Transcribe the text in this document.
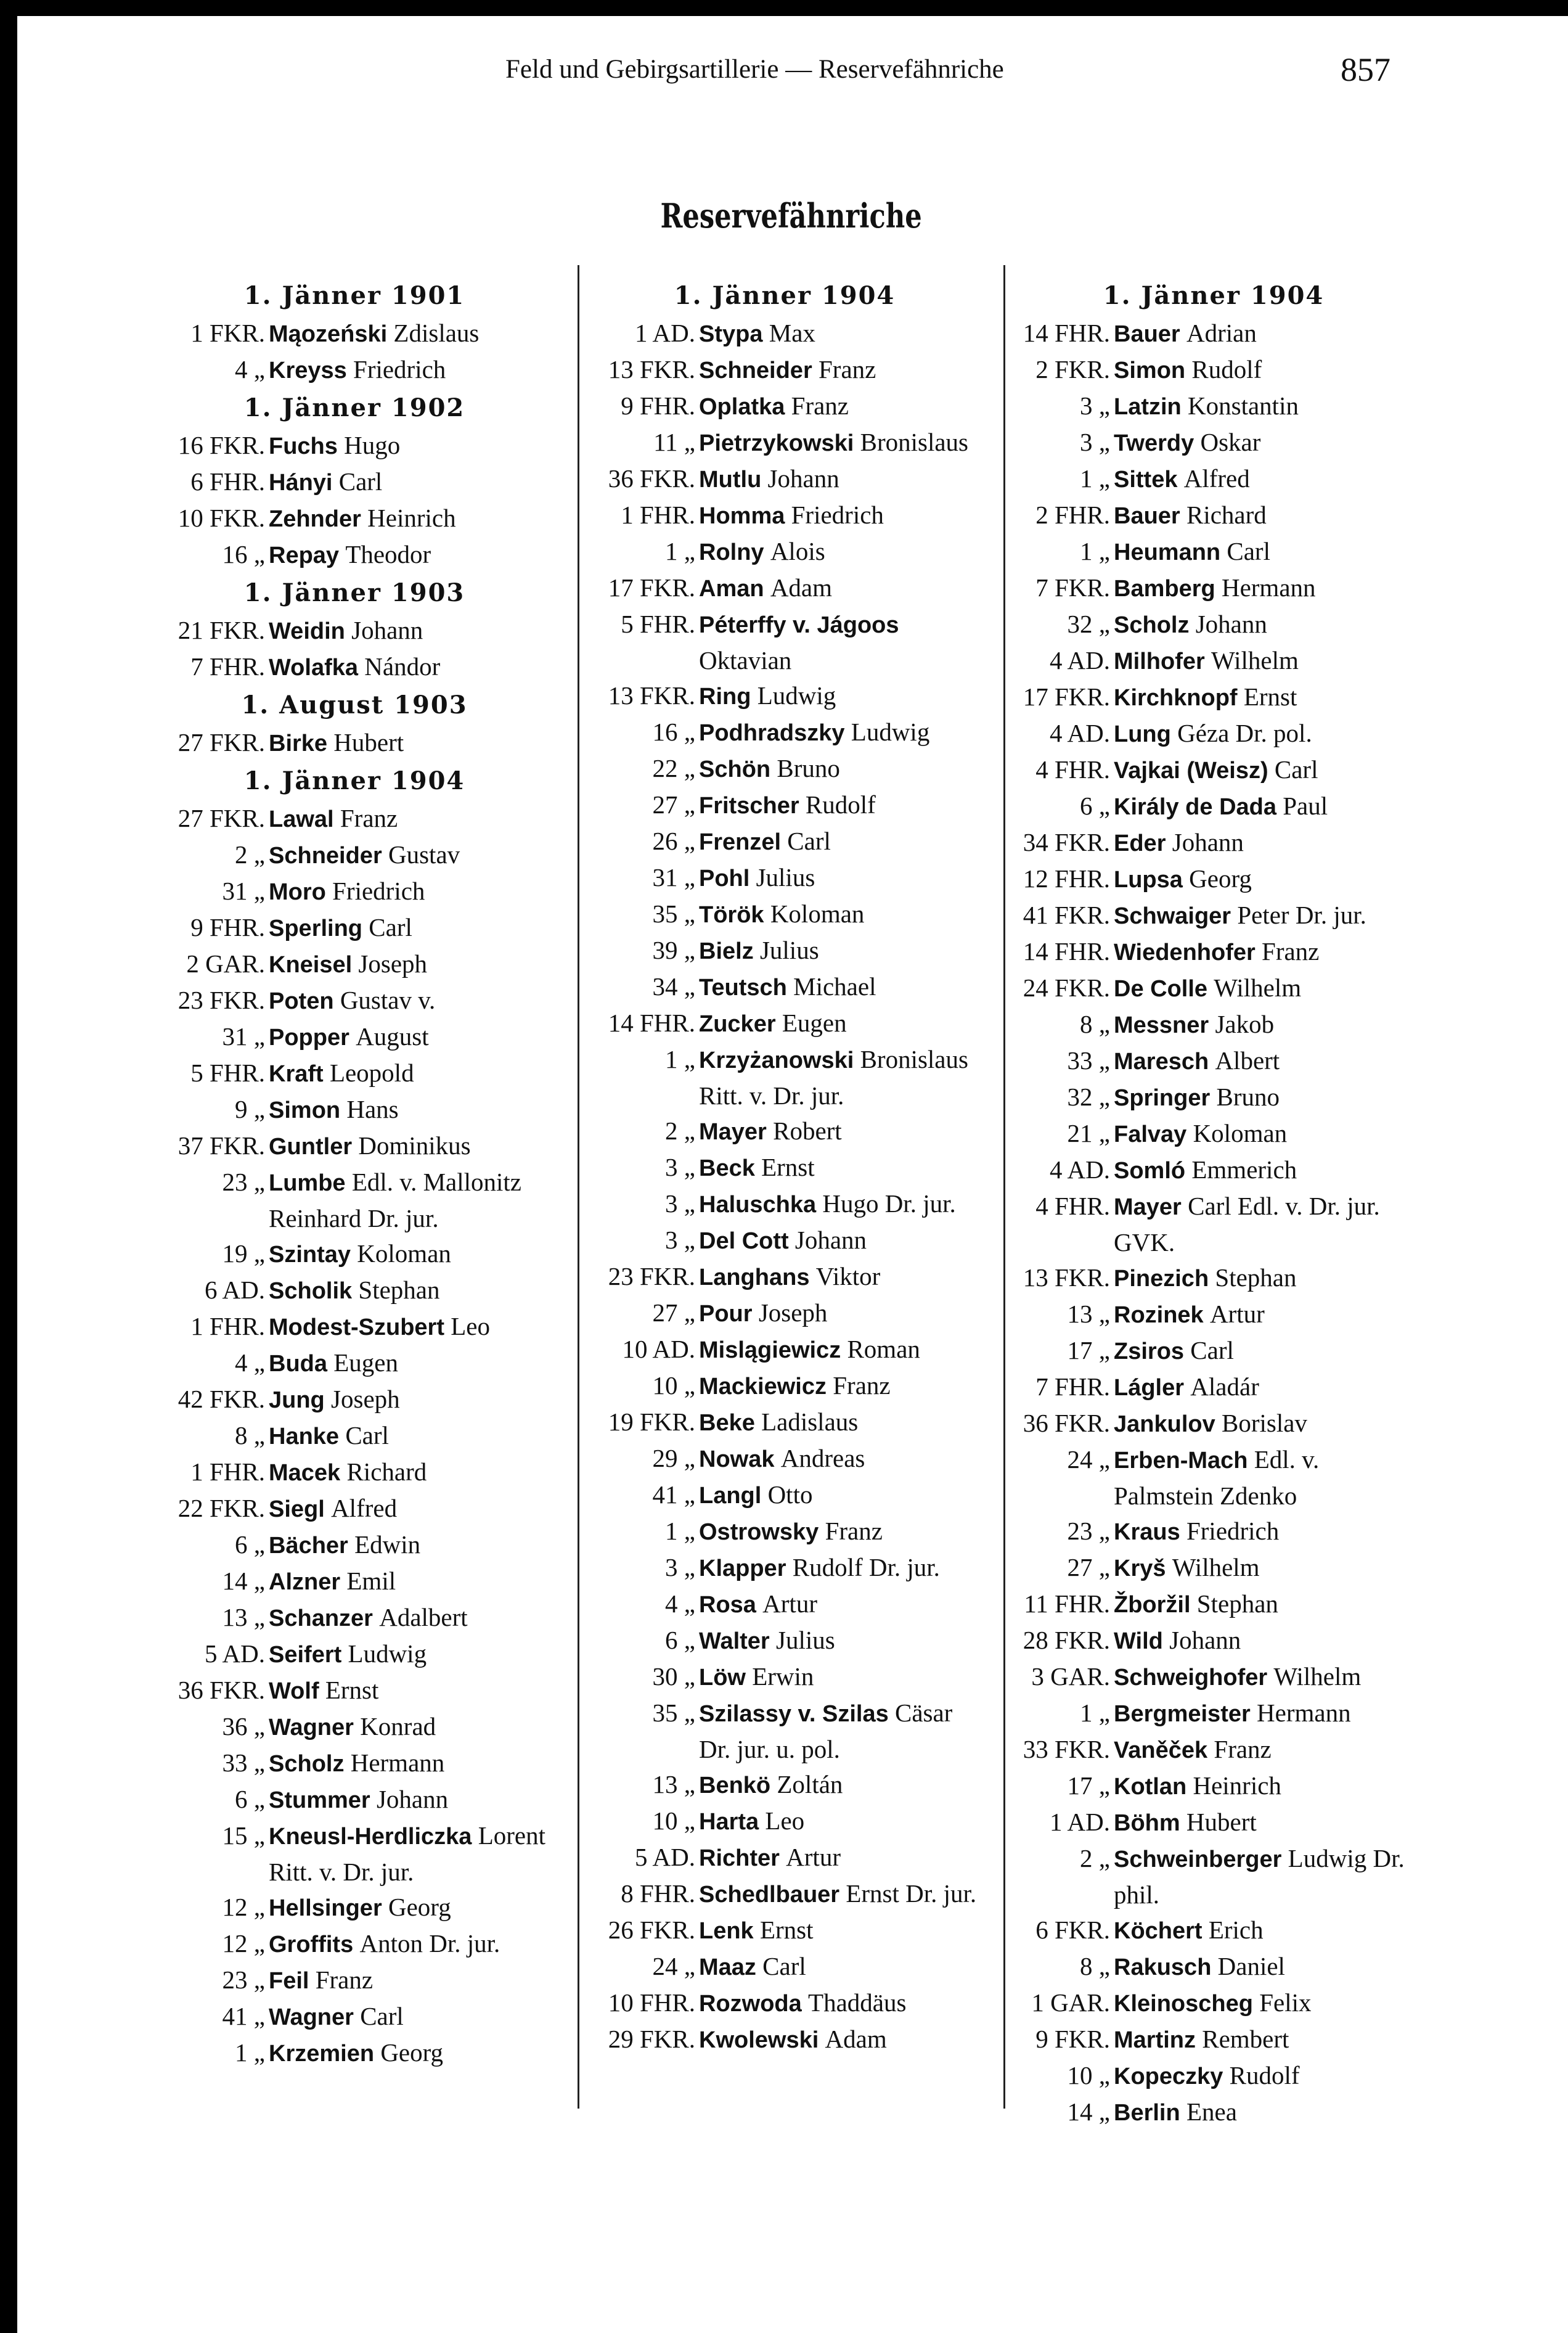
Feld und Gebirgsartillerie — Reservefähnriche	857
Reservefähnriche
1. Jänner 1901
1 FKR. Mąozeński Zdislaus
4 „ Kreyss Friedrich
1. Jänner 1902
16 FKR. Fuchs Hugo
6 FHR. Hányi Carl
10 FKR. Zehnder Heinrich
16 „ Repay Theodor
1. Jänner 1903
21 FKR. Weidin Johann
7 FHR. Wolafka Nándor
1. August 1903
27 FKR. Birke Hubert
1. Jänner 1904
27 FKR. Lawal Franz
2 „ Schneider Gustav
31 „ Moro Friedrich
9 FHR. Sperling Carl
2 GAR. Kneisel Joseph
23 FKR. Poten Gustav v.
31 „ Popper August
5 FHR. Kraft Leopold
9 „ Simon Hans
37 FKR. Guntler Dominikus
23 „ Lumbe Edl. v. Mallonitz Reinhard Dr. jur.
19 „ Szintay Koloman
6 AD. Scholik Stephan
1 FHR. Modest-Szubert Leo
4 „ Buda Eugen
42 FKR. Jung Joseph
8 „ Hanke Carl
1 FHR. Macek Richard
22 FKR. Siegl Alfred
6 „ Bächer Edwin
14 „ Alzner Emil
13 „ Schanzer Adalbert
5 AD. Seifert Ludwig
36 FKR. Wolf Ernst
36 „ Wagner Konrad
33 „ Scholz Hermann
6 „ Stummer Johann
15 „ Kneusl-Herdliczka Lorent Ritt. v. Dr. jur.
12 „ Hellsinger Georg
12 „ Groffits Anton Dr. jur.
23 „ Feil Franz
41 „ Wagner Carl
1 „ Krzemien Georg
1. Jänner 1904
1 AD. Stypa Max
13 FKR. Schneider Franz
9 FHR. Oplatka Franz
11 „ Pietrzykowski Bronislaus
36 FKR. Mutlu Johann
1 FHR. Homma Friedrich
1 „ Rolny Alois
17 FKR. Aman Adam
5 FHR. Péterffy v. Jágoos Oktavian
13 FKR. Ring Ludwig
16 „ Podhradszky Ludwig
22 „ Schön Bruno
27 „ Fritscher Rudolf
26 „ Frenzel Carl
31 „ Pohl Julius
35 „ Török Koloman
39 „ Bielz Julius
34 „ Teutsch Michael
14 FHR. Zucker Eugen
1 „ Krzyżanowski Bronislaus Ritt. v. Dr. jur.
2 „ Mayer Robert
3 „ Beck Ernst
3 „ Haluschka Hugo Dr. jur.
3 „ Del Cott Johann
23 FKR. Langhans Viktor
27 „ Pour Joseph
10 AD. Mislągiewicz Roman
10 „ Mackiewicz Franz
19 FKR. Beke Ladislaus
29 „ Nowak Andreas
41 „ Langl Otto
1 „ Ostrowsky Franz
3 „ Klapper Rudolf Dr. jur.
4 „ Rosa Artur
6 „ Walter Julius
30 „ Löw Erwin
35 „ Szilassy v. Szilas Cäsar Dr. jur. u. pol.
13 „ Benkö Zoltán
10 „ Harta Leo
5 AD. Richter Artur
8 FHR. Schedlbauer Ernst Dr. jur.
26 FKR. Lenk Ernst
24 „ Maaz Carl
10 FHR. Rozwoda Thaddäus
29 FKR. Kwolewski Adam
1. Jänner 1904
14 FHR. Bauer Adrian
2 FKR. Simon Rudolf
3 „ Latzin Konstantin
3 „ Twerdy Oskar
1 „ Sittek Alfred
2 FHR. Bauer Richard
1 „ Heumann Carl
7 FKR. Bamberg Hermann
32 „ Scholz Johann
4 AD. Milhofer Wilhelm
17 FKR. Kirchknopf Ernst
4 AD. Lung Géza Dr. pol.
4 FHR. Vajkai (Weisz) Carl
6 „ Király de Dada Paul
34 FKR. Eder Johann
12 FHR. Lupsa Georg
41 FKR. Schwaiger Peter Dr. jur.
14 FHR. Wiedenhofer Franz
24 FKR. De Colle Wilhelm
8 „ Messner Jakob
33 „ Maresch Albert
32 „ Springer Bruno
21 „ Falvay Koloman
4 AD. Somló Emmerich
4 FHR. Mayer Carl Edl. v. Dr. jur. GVK.
13 FKR. Pinezich Stephan
13 „ Rozinek Artur
17 „ Zsiros Carl
7 FHR. Lágler Aladár
36 FKR. Jankulov Borislav
24 „ Erben-Mach Edl. v. Palmstein Zdenko
23 „ Kraus Friedrich
27 „ Kryš Wilhelm
11 FHR. Žboržil Stephan
28 FKR. Wild Johann
3 GAR. Schweighofer Wilhelm
1 „ Bergmeister Hermann
33 FKR. Vaněček Franz
17 „ Kotlan Heinrich
1 AD. Böhm Hubert
2 „ Schweinberger Ludwig Dr. phil.
6 FKR. Köchert Erich
8 „ Rakusch Daniel
1 GAR. Kleinoscheg Felix
9 FKR. Martinz Rembert
10 „ Kopeczky Rudolf
14 „ Berlin Enea
